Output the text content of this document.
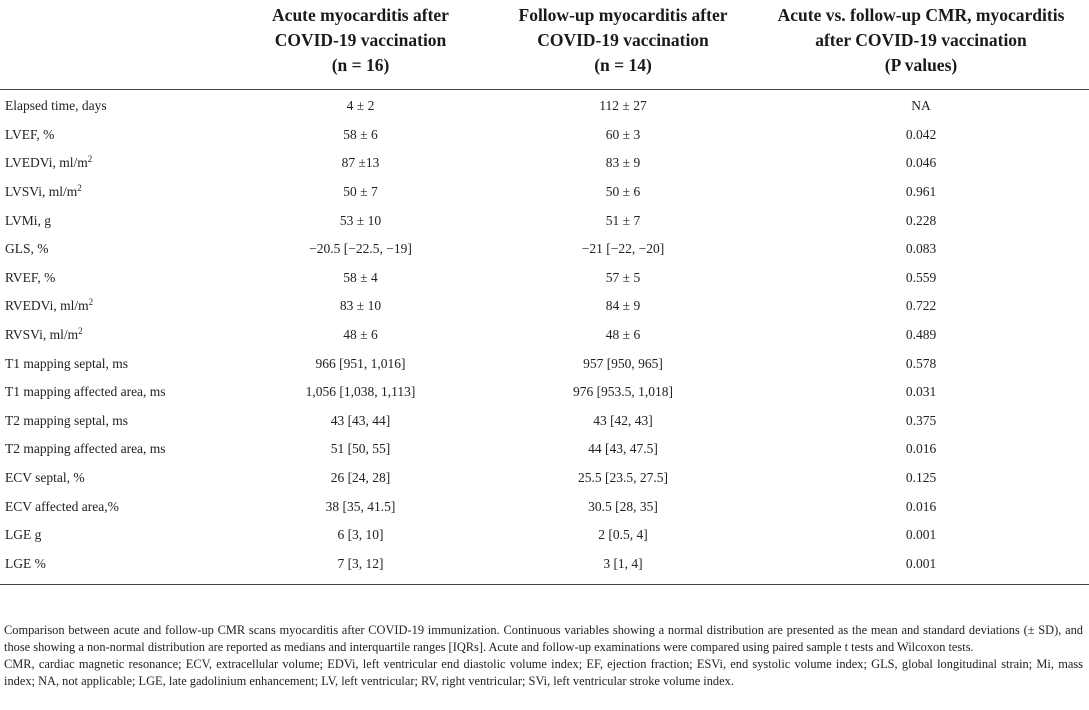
	Acute myocarditis after
COVID-19 vaccination
(n = 16)	Follow-up myocarditis after
COVID-19 vaccination
(n = 14)	Acute vs. follow-up CMR, myocarditis
after COVID-19 vaccination
(P values)

Elapsed time, days	4 ± 2	112 ± 27	NA
LVEF, %	58 ± 6	60 ± 3	0.042
LVEDVi, $ml/m^2$	87 ±13	83 ± 9	0.046
LVSVi, $ml/m^2$	50 ± 7	50 ± 6	0.961
LVMi, g	53 ± 10	51 ± 7	0.228
GLS, %	−20.5 [−22.5, −19]	−21 [−22, −20]	0.083
RVEF, %	58 ± 4	57 ± 5	0.559
RVEDVi, $ml/m^2$	83 ± 10	84 ± 9	0.722
RVSVi, $ml/m^2$	48 ± 6	48 ± 6	0.489
T1 mapping septal, ms	966 [951, 1,016]	957 [950, 965]	0.578
T1 mapping affected area, ms	1,056 [1,038, 1,113]	976 [953.5, 1,018]	0.031
T2 mapping septal, ms	43 [43, 44]	43 [42, 43]	0.375
T2 mapping affected area, ms	51 [50, 55]	44 [43, 47.5]	0.016
ECV septal, %	26 [24, 28]	25.5 [23.5, 27.5]	0.125
ECV affected area,%	38 [35, 41.5]	30.5 [28, 35]	0.016
LGE g	6 [3, 10]	2 [0.5, 4]	0.001
LGE %	7 [3, 12]	3 [1, 4]	0.001

Comparison between acute and follow-up CMR scans myocarditis after COVID-19 immunization. Continuous variables showing a normal distribution are presented as the mean and standard deviations (± SD), and those showing a non-normal distribution are reported as medians and interquartile ranges [IQRs]. Acute and follow-up examinations were compared using paired sample t tests and Wilcoxon tests.

CMR, cardiac magnetic resonance; ECV, extracellular volume; EDVi, left ventricular end diastolic volume index; EF, ejection fraction; ESVi, end systolic volume index; GLS, global longitudinal strain; Mi, mass index; NA, not applicable; LGE, late gadolinium enhancement; LV, left ventricular; RV, right ventricular; SVi, left ventricular stroke volume index.
